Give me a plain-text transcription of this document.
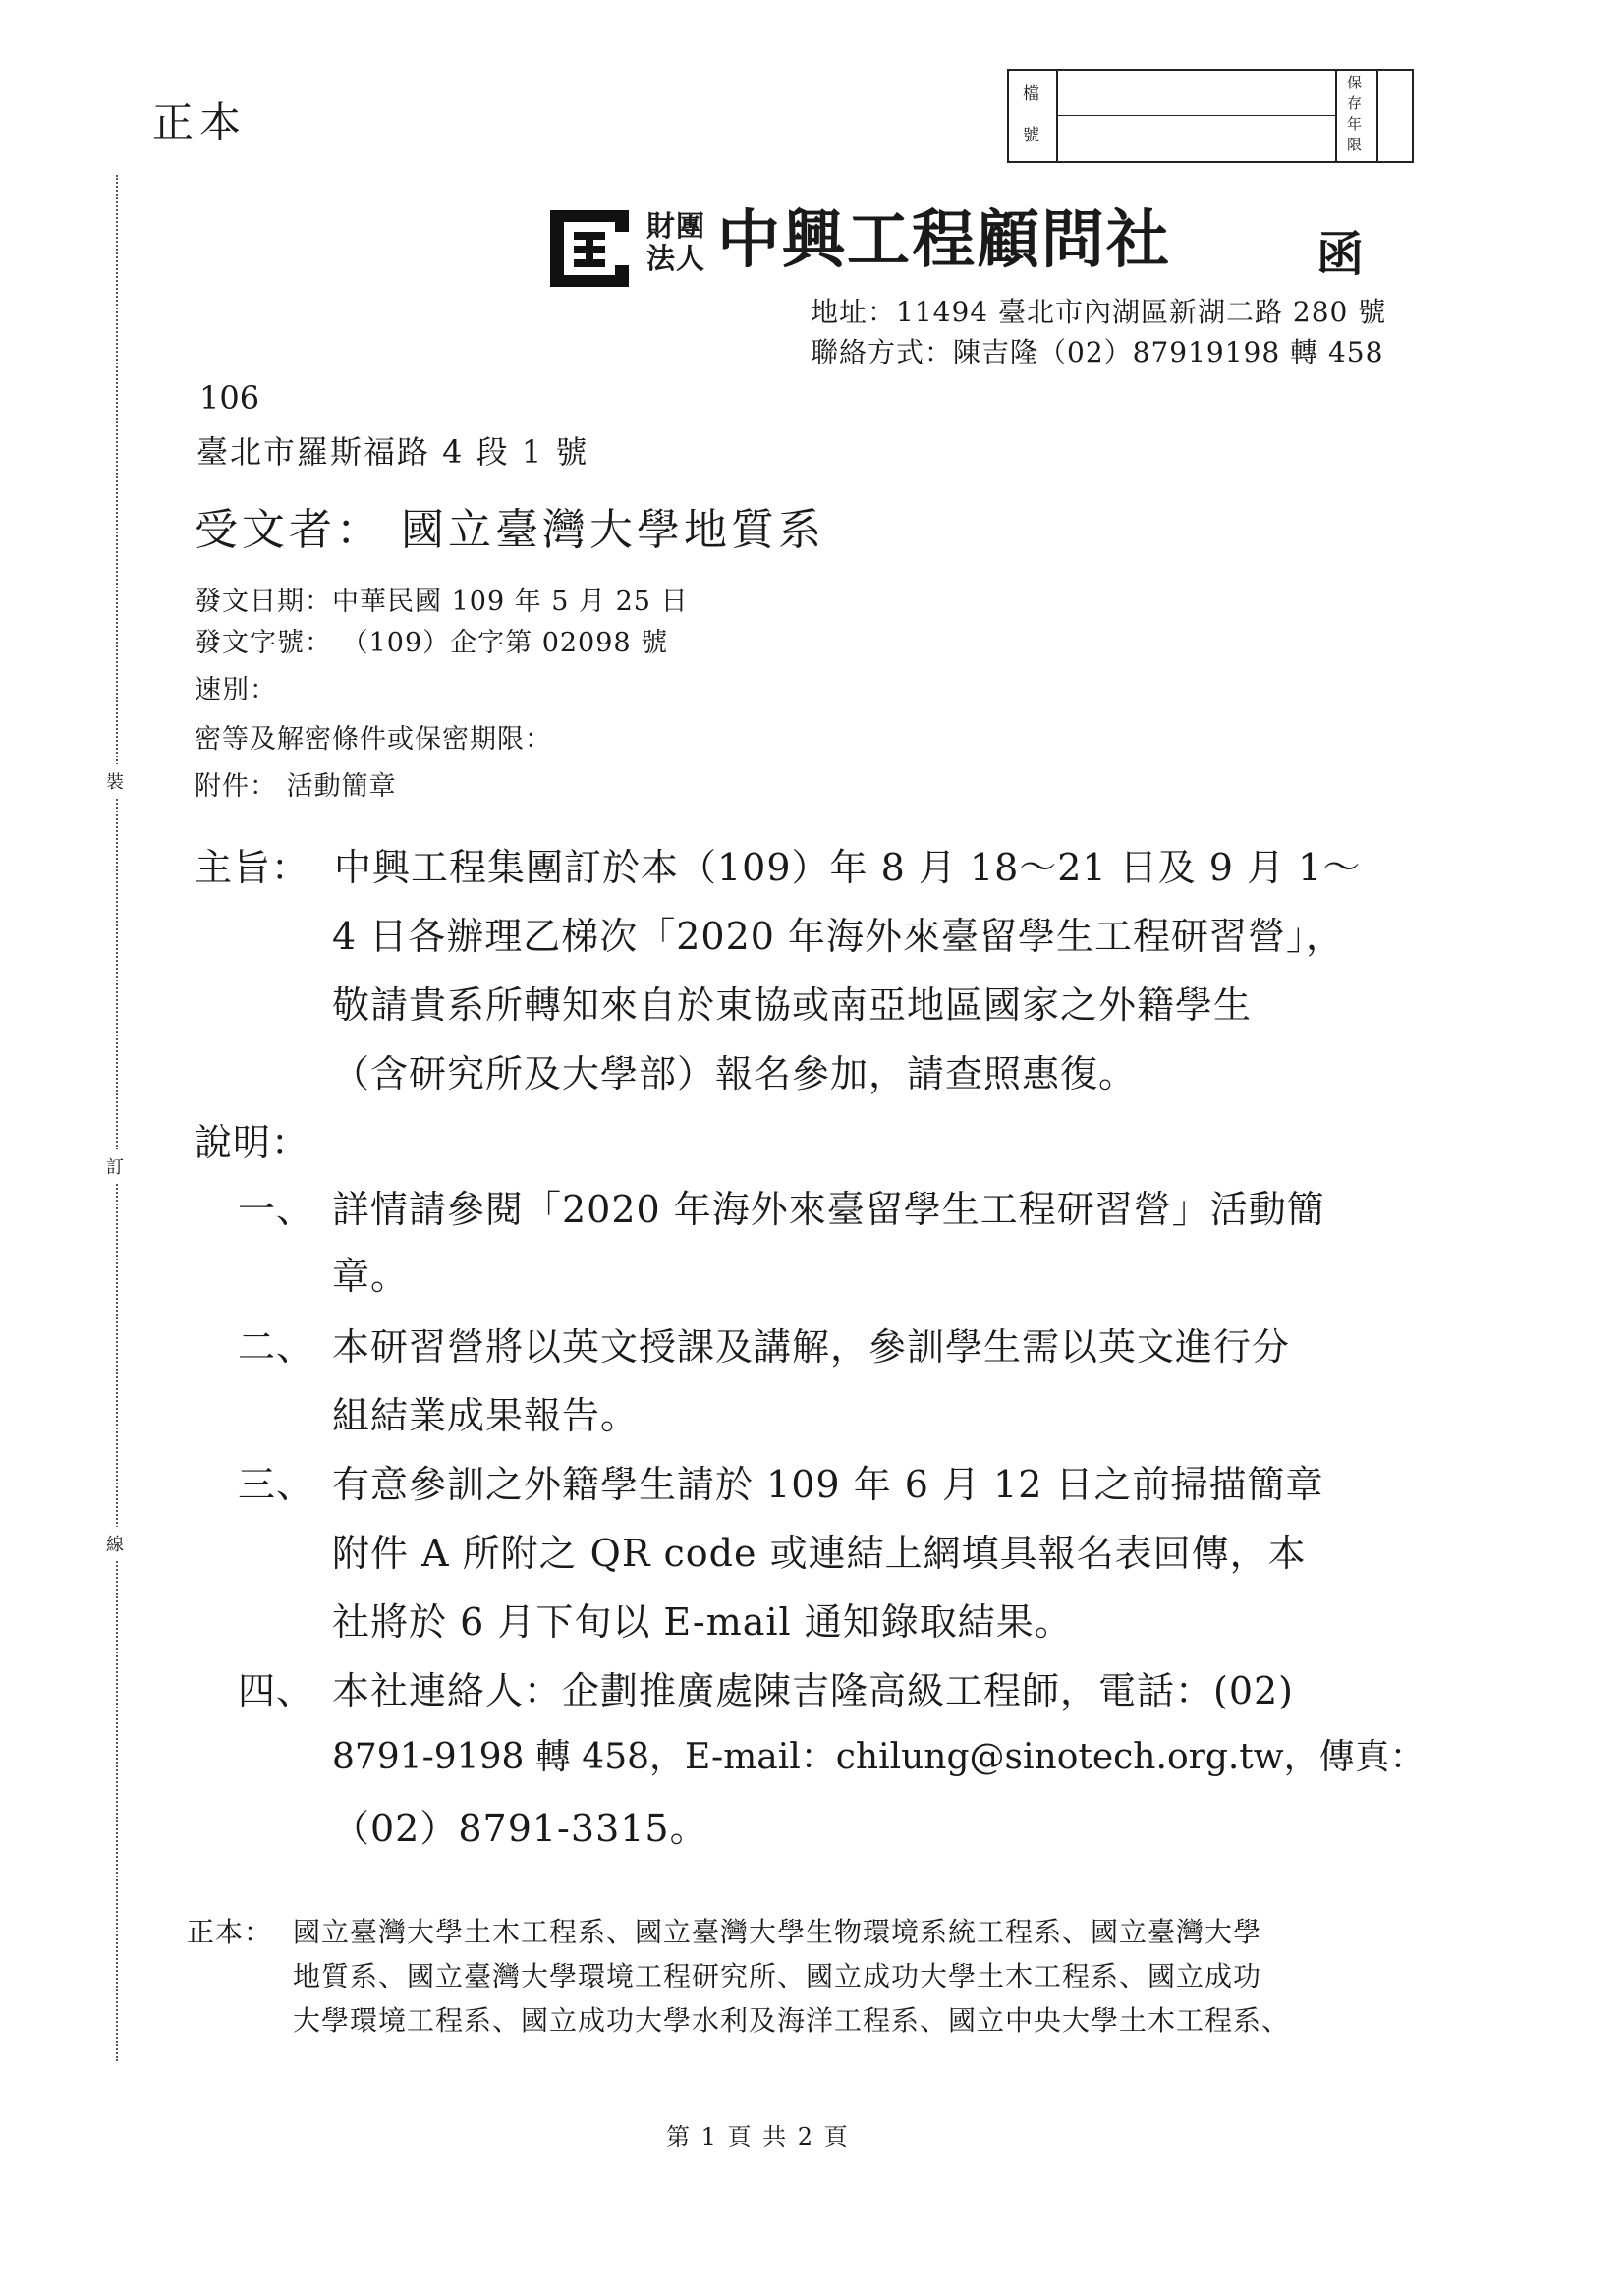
正本
檔
號
保
存
年
限
裝
訂
線
財團
法人 中興工程顧問社	函
地址：11494 臺北市內湖區新湖二路 280 號
聯絡方式：陳吉隆（02）87919198 轉 458
106
臺北市羅斯福路 4 段 1 號
受文者： 國立臺灣大學地質系
發文日期：中華民國 109 年 5 月 25 日
發文字號： （109）企字第 02098 號
速別：
密等及解密條件或保密期限：
附件： 活動簡章
主旨： 中興工程集團訂於本（109）年 8 月 18～21 日及 9 月 1～
4 日各辦理乙梯次「2020 年海外來臺留學生工程研習營」，
敬請貴系所轉知來自於東協或南亞地區國家之外籍學生
（含研究所及大學部）報名參加，請查照惠復。
說明：
一、 詳情請參閱「2020 年海外來臺留學生工程研習營」活動簡
章。
二、 本研習營將以英文授課及講解，參訓學生需以英文進行分
組結業成果報告。
三、 有意參訓之外籍學生請於 109 年 6 月 12 日之前掃描簡章
附件 A 所附之 QR code 或連結上網填具報名表回傳，本
社將於 6 月下旬以 E-mail 通知錄取結果。
四、 本社連絡人：企劃推廣處陳吉隆高級工程師，電話：(02)
8791-9198 轉 458，E-mail：chilung@sinotech.org.tw，傳真：
（02）8791-3315。
正本： 國立臺灣大學土木工程系、國立臺灣大學生物環境系統工程系、國立臺灣大學
地質系、國立臺灣大學環境工程研究所、國立成功大學土木工程系、國立成功
大學環境工程系、國立成功大學水利及海洋工程系、國立中央大學土木工程系、
第 1 頁 共 2 頁
